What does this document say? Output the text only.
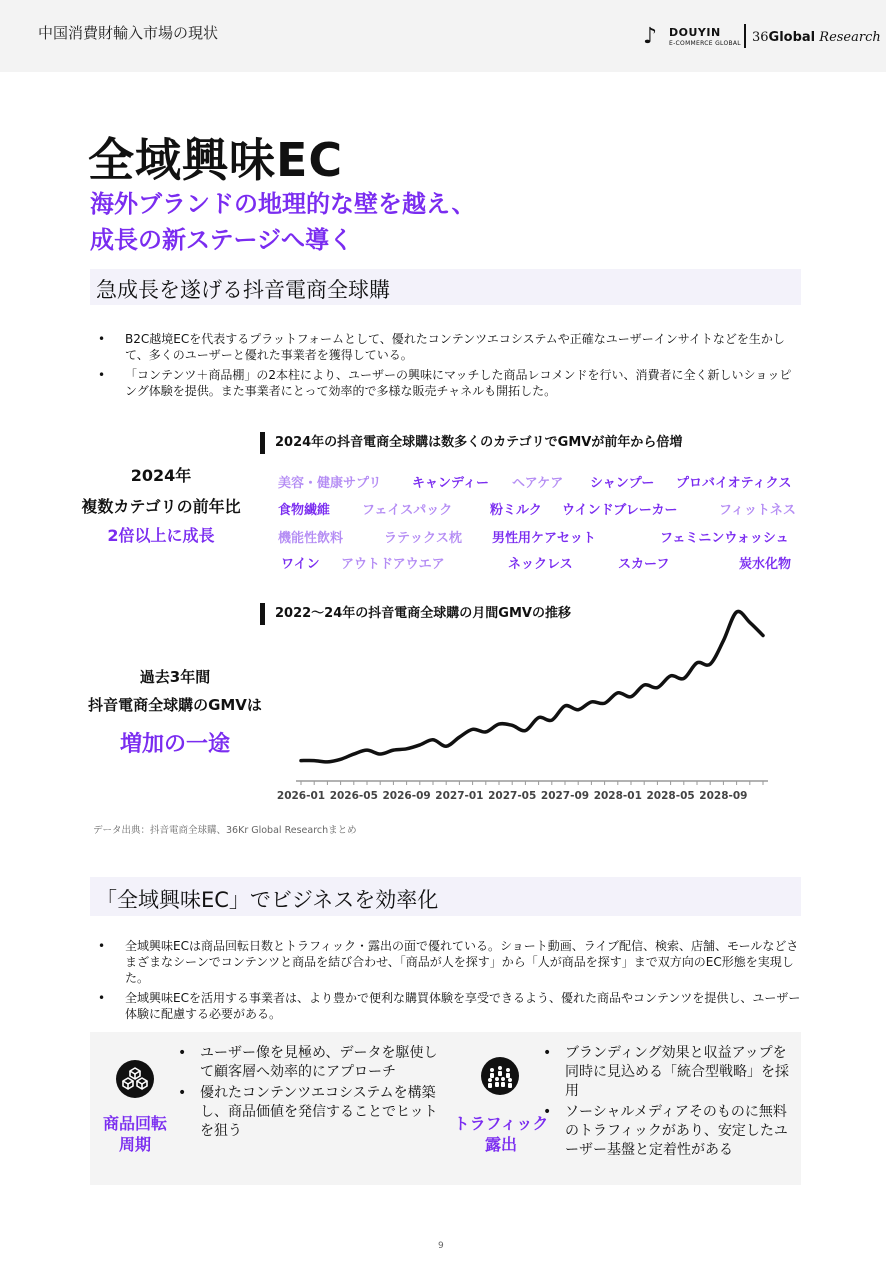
中国消費財輸入市場の現状	♪ DOUYIN
E-COMMERCE GLOBAL 36Global Research
全域興味EC
海外ブランドの地理的な壁を越え、
成長の新ステージへ導く
急成長を遂げる抖音電商全球購
• B2C越境ECを代表するプラットフォームとして、優れたコンテンツエコシステムや正確なユーザーインサイトなどを生かして、多くのユーザーと優れた事業者を獲得している。
• 「コンテンツ＋商品棚」の2本柱により、ユーザーの興味にマッチした商品レコメンドを行い、消費者に全く新しいショッピング体験を提供。また事業者にとって効率的で多様な販売チャネルも開拓した。
2024年の抖音電商全球購は数多くのカテゴリでGMVが前年から倍増
2024年
複数カテゴリの前年比
2倍以上に成長
美容・健康サプリ キャンディー ヘアケア シャンプー プロバイオティクス
食物繊維 フェイスパック	粉ミルク ウインドブレーカー	フィットネス
機能性飲料	ラテックス枕 男性用ケアセット	フェミニンウォッシュ
ワイン アウトドアウエア	ネックレス	スカーフ	炭水化物
2022～24年の抖音電商全球購の月間GMVの推移
過去3年間
抖音電商全球購のGMVは
増加の一途
2026-01 2026-05 2026-09 2027-01 2027-05 2027-09 2028-01 2028-05 2028-09
データ出典：抖音電商全球購、36Kr Global Researchまとめ
「全域興味EC」でビジネスを効率化
• 全域興味ECは商品回転日数とトラフィック・露出の面で優れている。ショート動画、ライブ配信、検索、店舗、モールなどさまざまなシーンでコンテンツと商品を結び合わせ、「商品が人を探す」から「人が商品を探す」まで双方向のEC形態を実現した。
• 全域興味ECを活用する事業者は、より豊かで便利な購買体験を享受できるよう、優れた商品やコンテンツを提供し、ユーザー体験に配慮する必要がある。
商品回転
周期
• ユーザー像を見極め、データを駆使して顧客層へ効率的にアプローチ
• 優れたコンテンツエコシステムを構築し、商品価値を発信することでヒットを狙う	トラフィック
露出
• ブランディング効果と収益アップを同時に見込める「統合型戦略」を採用
• ソーシャルメディアそのものに無料のトラフィックがあり、安定したユーザー基盤と定着性がある
9
